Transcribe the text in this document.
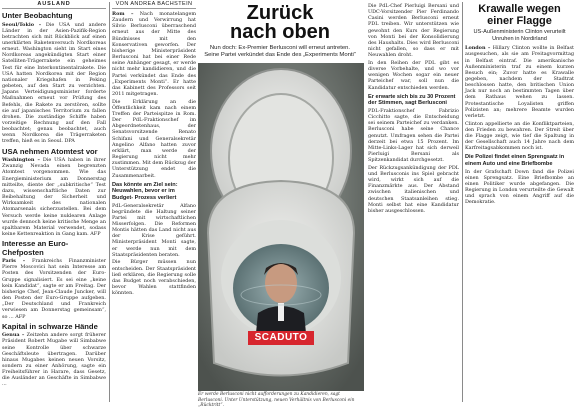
AUSLAND
Unter Beobachtung

Seoul/Tokio – Die USA und andere Länder in der Asien-Pazifik-Region betrachten sich mit Rückblick auf einen unerklärten Raketenversuch Nordkoreas erneut. Washington sieht im Start eines Nordkoreas angekündigten Start einer Satelliten-Trägerrakete ein geheimes Test für eine Interkontinentalrakete. Die USA hatten Nordkorea mit der Region nationaler Kriegshafen in Peking gebeten, auf den Start zu verzichten. Japans Verteidigungsminister forderte Maßnahmen erneut vor Prüfung des Befehls, die Rakete zu zerstören, sollte sie auf japanisches Territorium zu fallen drohen. Die zuständige Schiffe haben vorzeitige Rechnung auf den Fall beobachtet; genau beobachtet, auch wenn Nordkorea die Trägerraketen treffen, hieß es in Seoul. DPA

USA nehmen Atomtest vor

Washington – Die USA haben in ihrer Zwanzig Nevada einen begrenzten Atomtest vorgenommen. Wie das Energieministerium am Donnerstag mitteilte, diente der „subkritische“ Test dazu, wissenschaftliche Daten zur Beibehaltung der Sicherheit und Wirksamkeit des nationalen Atomarsenals sicherzustellen. Bei dem Versuch werde keine nuklearen Anlage wurde dennoch keine kritische Menge an spaltbarem Material verwendet, sodass keine Kettenreaktion in Gang kam. AFP

Interesse an Euro-Chefposten

Paris – Frankreichs Finanzminister Pierre Moscovici hat sein Interesse am Posten des Vorsitzenden der Euro-Gruppe signalisiert. Es sei eine „keine kein Kandidat“, sagte er am Freitag. Der bisherige Chef, Jean-Claude Juncker, will den Posten der Euro-Gruppe aufgeben. „Der Deutschland und Frankreich verwiesen am Donnerstag gemeinsam“, so ... AFP

Kapital in schwarze Hände

Genua – Zeitzehn andere sorgt früherer Präsident Robert Mugabe will Simbabwe seine Kontrolle über schwarze Geschäftsleute übertragen. Darüber hinaus Mugabes keinen neuen Vorsitz, sondern zu einer Anhörung, sagte ein Freiheitsführer in Harare, dass Gesetz, die Ausländer an Geschäfte in Simbabwe ...

VON ANDREA BACHSTEIN

Rom – Nach monatelangem Zaudern und Verwirrung hat Silvio Berlusconi überraschend erneut aus der Mitte des Bündnisses mit den Konservativen geworfen. Der bisherige Ministerpräsident Berlusconi hat bei einer Rede seine Anhänger gesagt, er werde nicht mehr kandidieren, und die Partei verkündet das Ende des „Experiments Monti“. Er hatte das Kabinett des Professors seit 2011 mitgetragen.

Die Erklärung an die Öffentlichkeit kam nach einem Treffen der Parteispitze in Rom. Der PdL-Fraktionschef im Abgeordnetenhaus, der Senatsvorsitzende Renato Schifani und Generalsekretär Angelino Alfano hatten zuvor erklärt, man werde der Regierung nicht mehr zustimmen. Mit dem Rückzug der Unterstützung endet die Zusammenarbeit.

Das könnte am Ziel sein: Neuwahlen, bevor er im Budget- Prozess verliert

PdL-Generalsekretär Alfano begründete die Haltung seiner Partei mit wirtschaftlichen Misserfolgen. Die Reformen Montis hätten das Land nicht aus der Krise geführt. Ministerpräsident Monti sagte, er werde nun mit dem Staatspräsidenten beraten.

Die Bürger müssen nun entscheiden. Der Staatspräsident ließ erklären, die Regierung solle das Budget noch verabschieden, bevor Wahlen stattfinden könnten.

Zurück nach oben
Nun doch: Ex-Premier Berlusconi will erneut antreten.
Seine Partei verkündet das Ende des „Experiments Monti“
SCADUTO
Er werde Berlusconi nicht aufforderungen zu Kandidieren, sagt Berlusconi. Unter Unterstützung, neuen Verhältnis von Berlusconi ein „Rücktritt“.

Die PdL-Chef Pierluigi Bersani und UDC-Vorsitzender Pier Ferdinando Casini werden Berlusconi erneut PDL treiben. Wir unterstützen wie gewohnt den Kurs der Regierung von Monti bei der Konsolidierung des Haushalts. Dies wird Berlusconi nicht gefallen, so dass er mit Neuwahlen droht.

In den Reihen der PDL gibt es diverse Vorbehalte, und wo vor wenigen Wochen sogar ein neuer Parteichef war, soll nun die Kandidatur entschieden werden.

Er erwarte sich bis zu 30 Prozent der Stimmen, sagt Berlusconi

PDL-Fraktionschef Fabrizio Cicchitto sagte, die Entscheidung sei seinem Parteichef zu verdanken. Berlusconi habe seine Chance genutzt. Umfragen sehen die Partei derzeit bei etwa 15 Prozent. Im Mitte-Links-Lager hat sich derweil Pierluigi Bersani als Spitzenkandidat durchgesetzt.

Der Rückzugsankündigung der PDL und Berlusconis ins Spiel gebracht wird, wirkt sich auf die Finanzmärkte aus. Der Abstand zwischen italienischen und deutschen Staatsanleihen stieg. Monti selbst hat eine Kandidatur bisher ausgeschlossen.

Krawalle wegen einer Flagge
US-Außenministerin Clinton verurteilt Unruhen in Nordirland

London – Hillary Clinton wollte in Belfast ausgesuchen, als sie am Freitagvormittag in Belfast eintraf. Die amerikanische Außenministerin traf zu einem kurzen Besuch ein; Zuvor hatte es Krawalle gegeben, nachdem der Stadtrat beschlossen hatte, den britischen Union Jack nur noch an bestimmten Tagen über dem Rathaus wehen zu lassen. Protestantische Loyalisten griffen Polizisten an; mehrere Beamte wurden verletzt.

Clinton appellierte an die Konfliktparteien, den Frieden zu bewahren. Der Streit über die Flagge zeigt, wie tief die Spaltung in der Gesellschaft auch 14 Jahre nach dem Karfreitagsabkommen noch ist.

Die Polizei findet einen Sprengsatz in einem Auto und eine Briefbombe

In der Grafschaft Down fand die Polizei einen Sprengsatz. Eine Briefbombe an einen Politiker wurde abgefangen. Die Regierung in London verurteilte die Gewalt und sprach von einem Angriff auf die Demokratie.
